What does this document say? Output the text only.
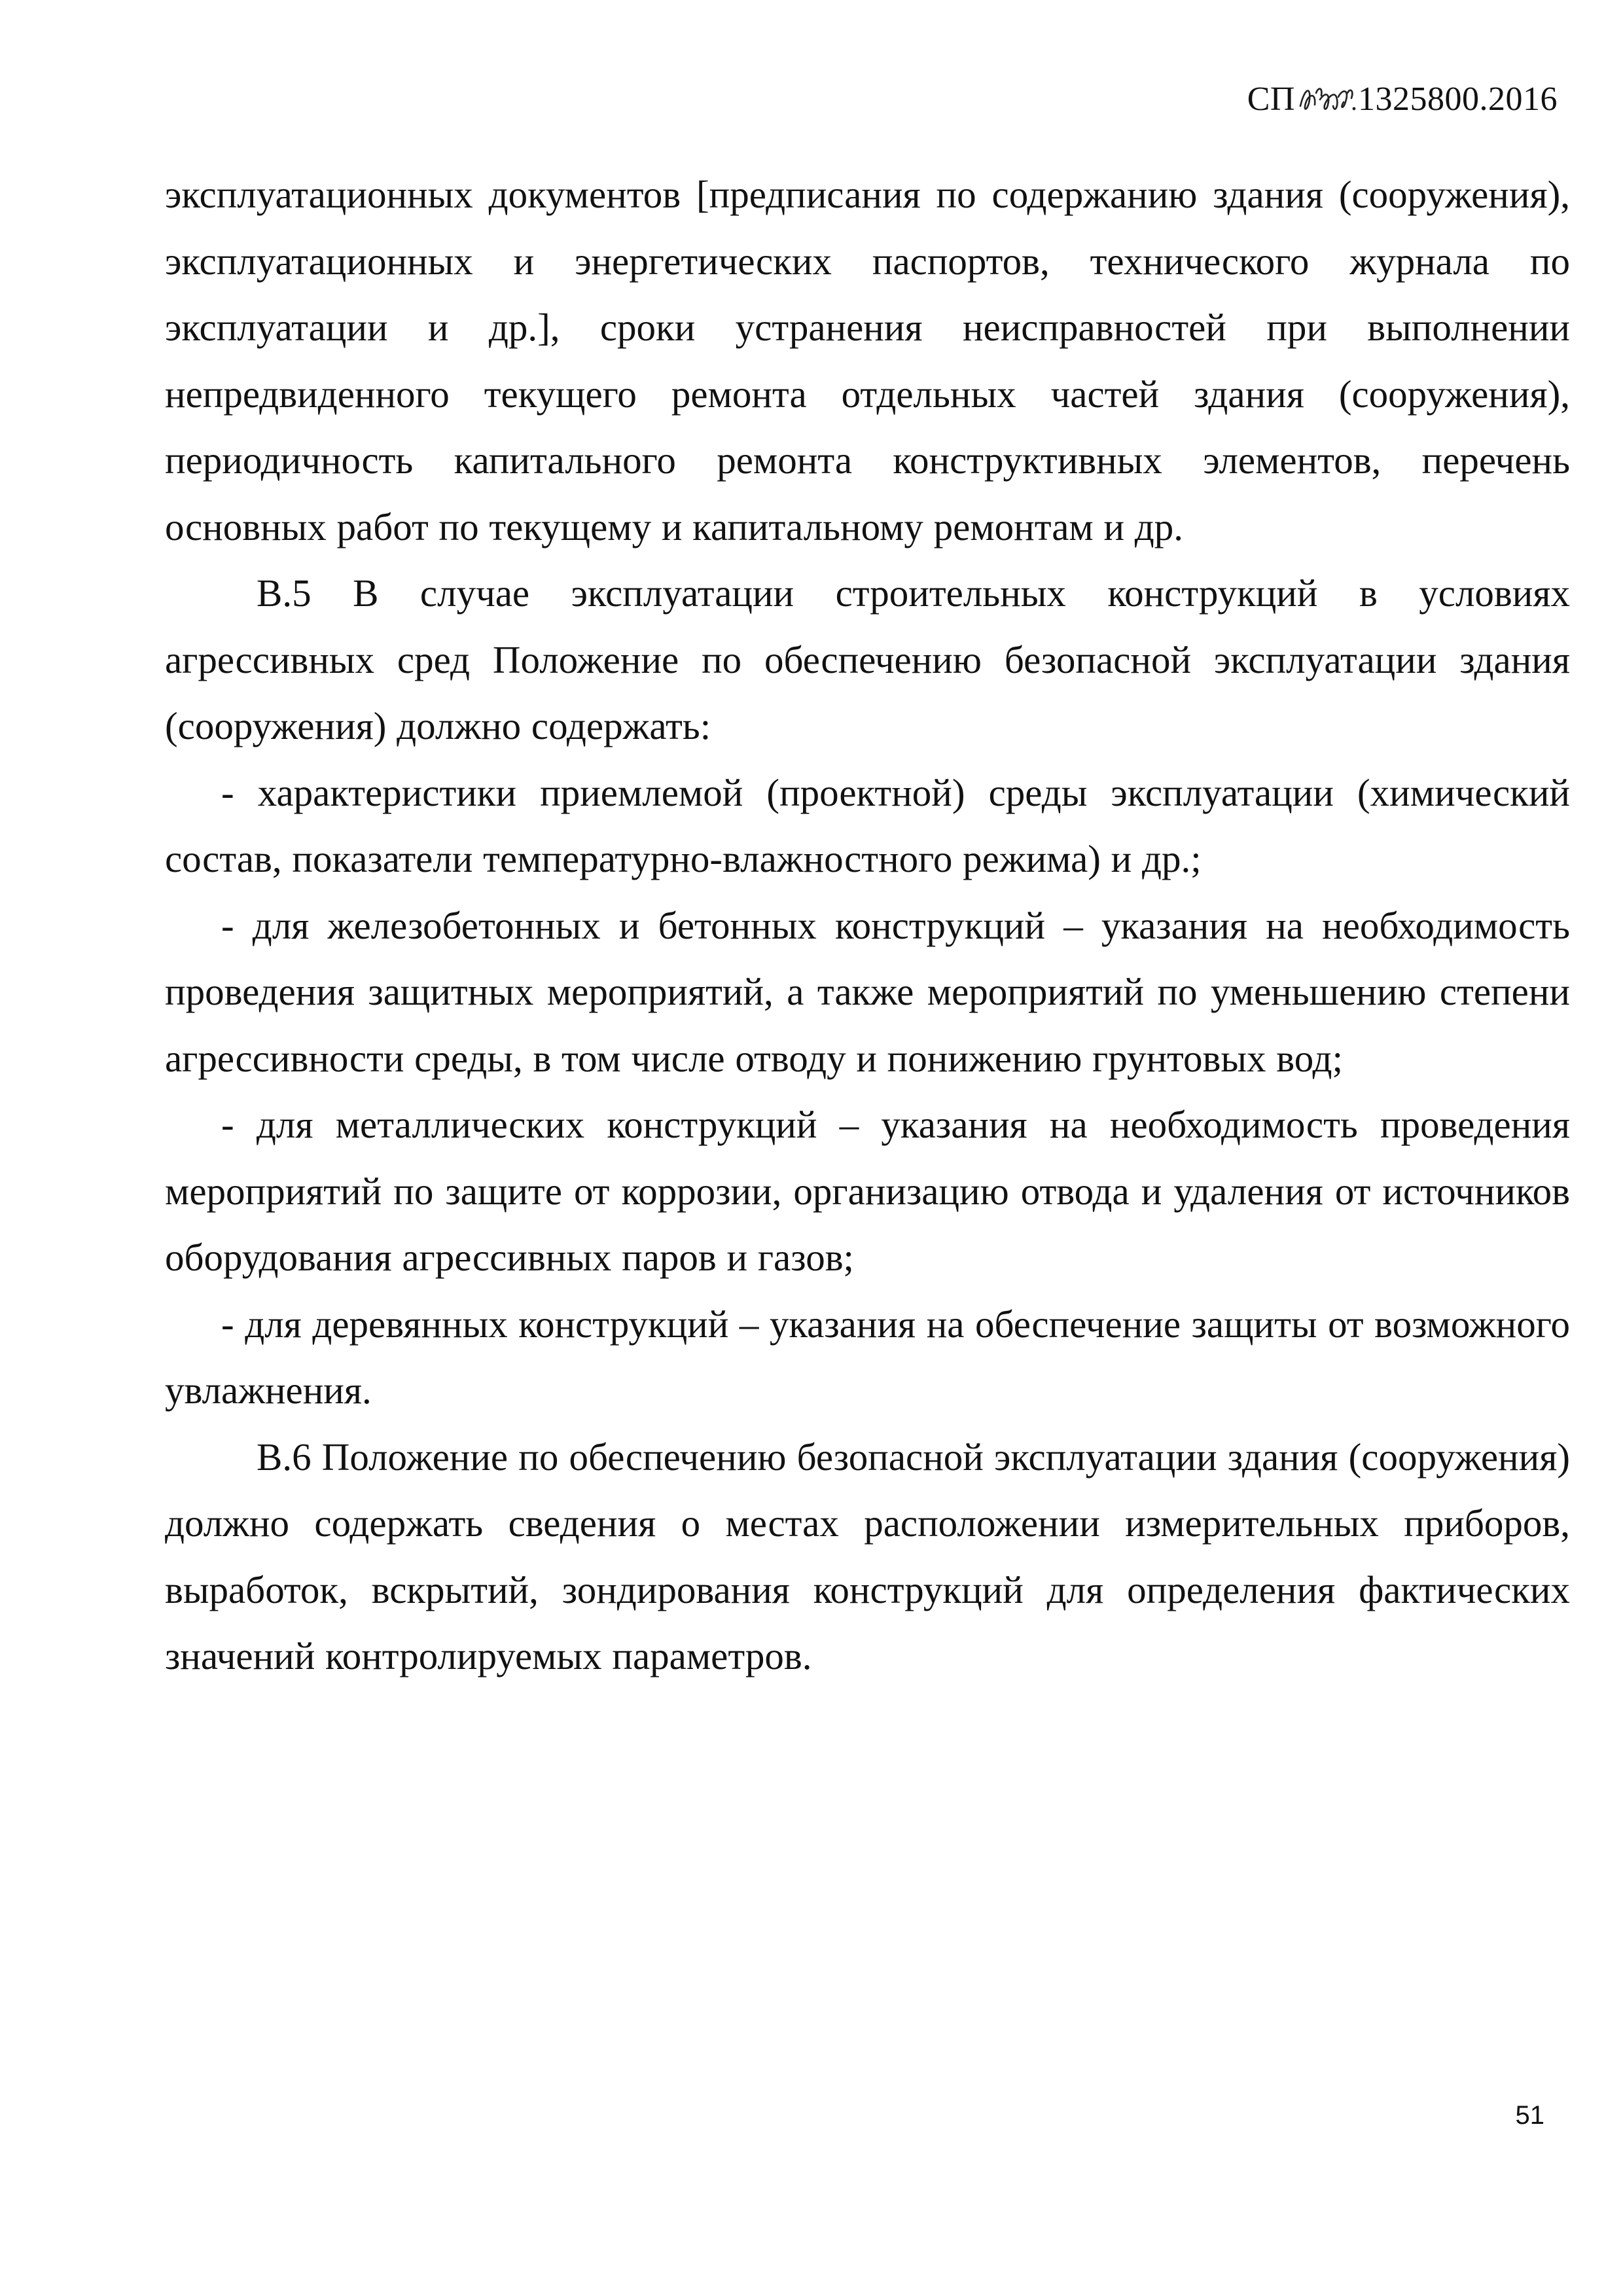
СП 1325800.2016

эксплуатационных документов [предписания по содержанию здания (сооружения), эксплуатационных и энергетических паспортов, технического журнала по эксплуатации и др.], сроки устранения неисправностей при выполнении непредвиденного текущего ремонта отдельных частей здания (сооружения), периодичность капитального ремонта конструктивных элементов, перечень основных работ по текущему и капитальному ремонтам и др.

В.5 В случае эксплуатации строительных конструкций в условиях агрессивных сред Положение по обеспечению безопасной эксплуатации здания (сооружения) должно содержать:

- характеристики приемлемой (проектной) среды эксплуатации (химический состав, показатели температурно-влажностного режима) и др.;

- для железобетонных и бетонных конструкций – указания на необходимость проведения защитных мероприятий, а также мероприятий по уменьшению степени агрессивности среды, в том числе отводу и понижению грунтовых вод;

- для металлических конструкций – указания на необходимость проведения мероприятий по защите от коррозии, организацию отвода и удаления от источников оборудования агрессивных паров и газов;

- для деревянных конструкций – указания на обеспечение защиты от возможного увлажнения.

В.6 Положение по обеспечению безопасной эксплуатации здания (сооружения) должно содержать сведения о местах расположении измерительных приборов, выработок, вскрытий, зондирования конструкций для определения фактических значений контролируемых параметров.

51
